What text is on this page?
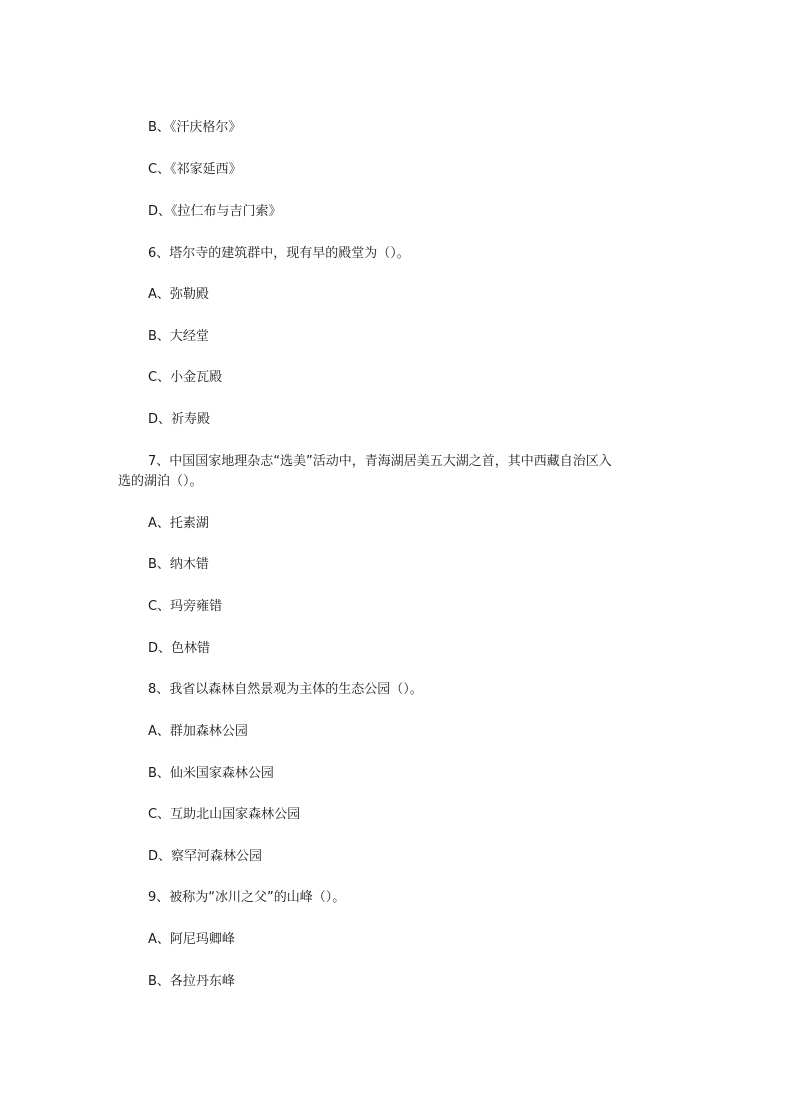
B、《汗庆格尔》
C、《祁家延西》
D、《拉仁布与吉门索》
6、塔尔寺的建筑群中，现有早的殿堂为（）。
A、弥勒殿
B、大经堂
C、小金瓦殿
D、祈寿殿
7、中国国家地理杂志“选美”活动中，青海湖居美五大湖之首，其中西藏自治区入
选的湖泊（）。
A、托素湖
B、纳木错
C、玛旁雍错
D、色林错
8、我省以森林自然景观为主体的生态公园（）。
A、群加森林公园
B、仙米国家森林公园
C、互助北山国家森林公园
D、察罕河森林公园
9、被称为“冰川之父”的山峰（）。
A、阿尼玛卿峰
B、各拉丹东峰
